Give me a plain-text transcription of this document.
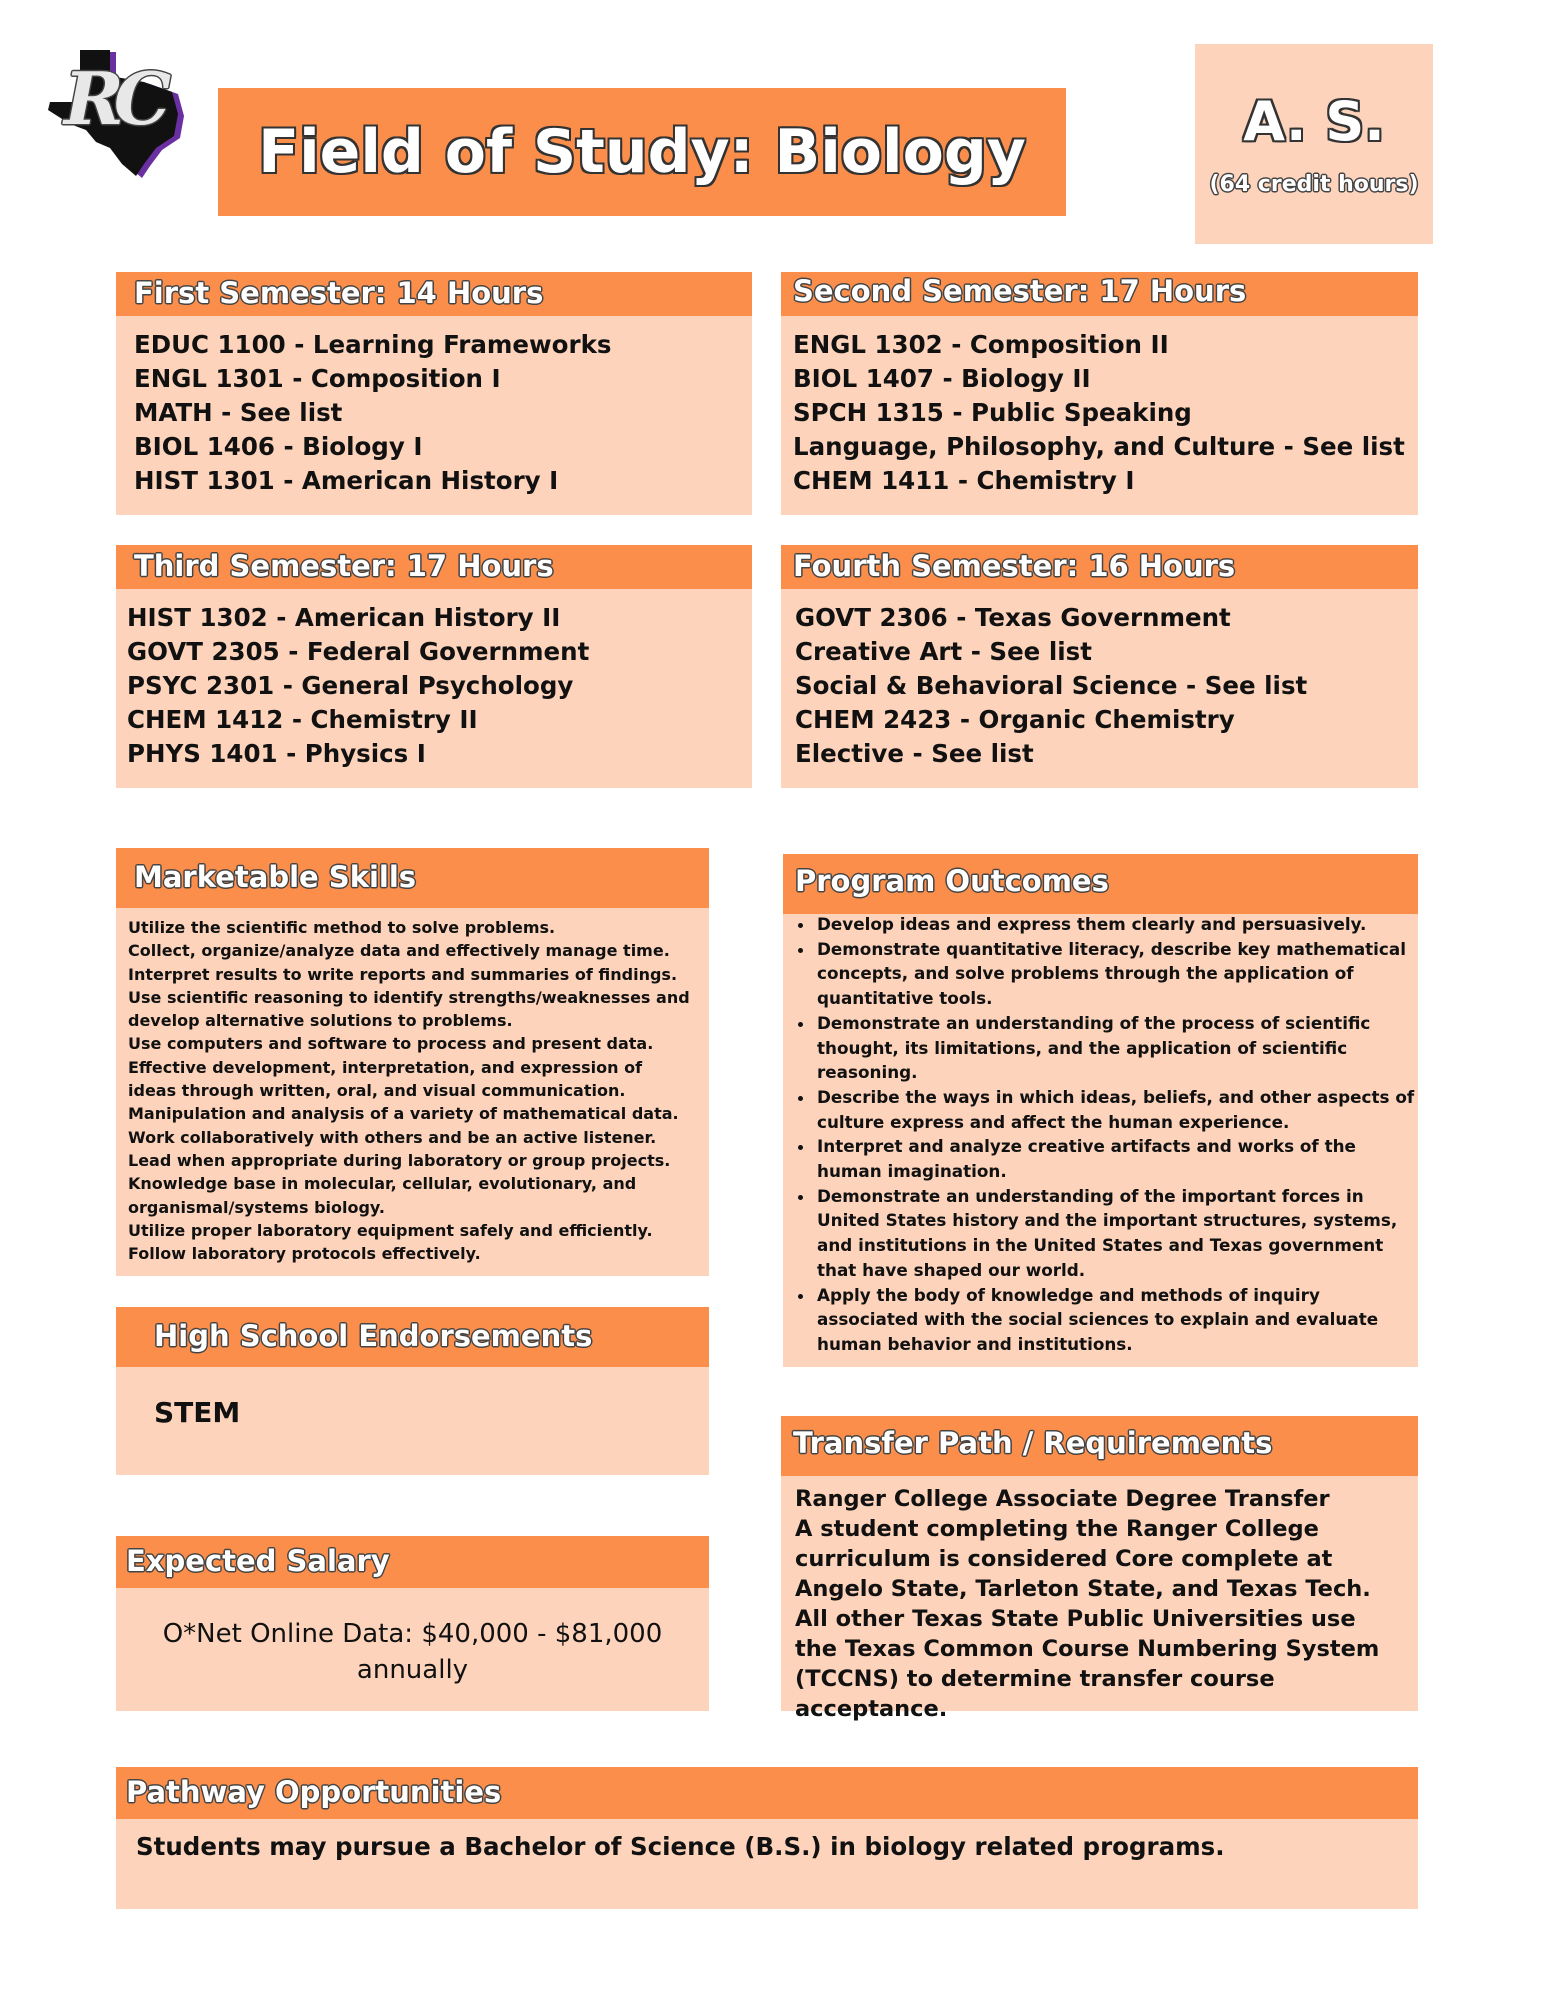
RC
Field of Study: Biology	A. S.
(64 credit hours)
First Semester: 14 Hours
EDUC 1100 - Learning Frameworks
ENGL 1301 - Composition I
MATH - See list
BIOL 1406 - Biology I
HIST 1301 - American History I
Second Semester: 17 Hours
ENGL 1302 - Composition II
BIOL 1407 - Biology II
SPCH 1315 - Public Speaking
Language, Philosophy, and Culture - See list
CHEM 1411 - Chemistry I
Third Semester: 17 Hours
HIST 1302 - American History II
GOVT 2305 - Federal Government
PSYC 2301 - General Psychology
CHEM 1412 - Chemistry II
PHYS 1401 - Physics I
Fourth Semester: 16 Hours
GOVT 2306 - Texas Government
Creative Art - See list
Social & Behavioral Science - See list
CHEM 2423 - Organic Chemistry
Elective - See list
Marketable Skills
Utilize the scientific method to solve problems.
Collect, organize/analyze data and effectively manage time.
Interpret results to write reports and summaries of findings.
Use scientific reasoning to identify strengths/weaknesses and develop alternative solutions to problems.
Use computers and software to process and present data.
Effective development, interpretation, and expression of ideas through written, oral, and visual communication.
Manipulation and analysis of a variety of mathematical data.
Work collaboratively with others and be an active listener.
Lead when appropriate during laboratory or group projects.
Knowledge base in molecular, cellular, evolutionary, and organismal/systems biology.
Utilize proper laboratory equipment safely and efficiently.
Follow laboratory protocols effectively.
Program Outcomes
• Develop ideas and express them clearly and persuasively.
• Demonstrate quantitative literacy, describe key mathematical concepts, and solve problems through the application of quantitative tools.
• Demonstrate an understanding of the process of scientific thought, its limitations, and the application of scientific reasoning.
• Describe the ways in which ideas, beliefs, and other aspects of culture express and affect the human experience.
• Interpret and analyze creative artifacts and works of the human imagination.
• Demonstrate an understanding of the important forces in United States history and the important structures, systems, and institutions in the United States and Texas government that have shaped our world.
• Apply the body of knowledge and methods of inquiry associated with the social sciences to explain and evaluate human behavior and institutions.
High School Endorsements
STEM
Expected Salary
O*Net Online Data: $40,000 - $81,000 annually
Transfer Path / Requirements
Ranger College Associate Degree Transfer
A student completing the Ranger College curriculum is considered Core complete at Angelo State, Tarleton State, and Texas Tech. All other Texas State Public Universities use the Texas Common Course Numbering System (TCCNS) to determine transfer course acceptance.
Pathway Opportunities
Students may pursue a Bachelor of Science (B.S.) in biology related programs.
